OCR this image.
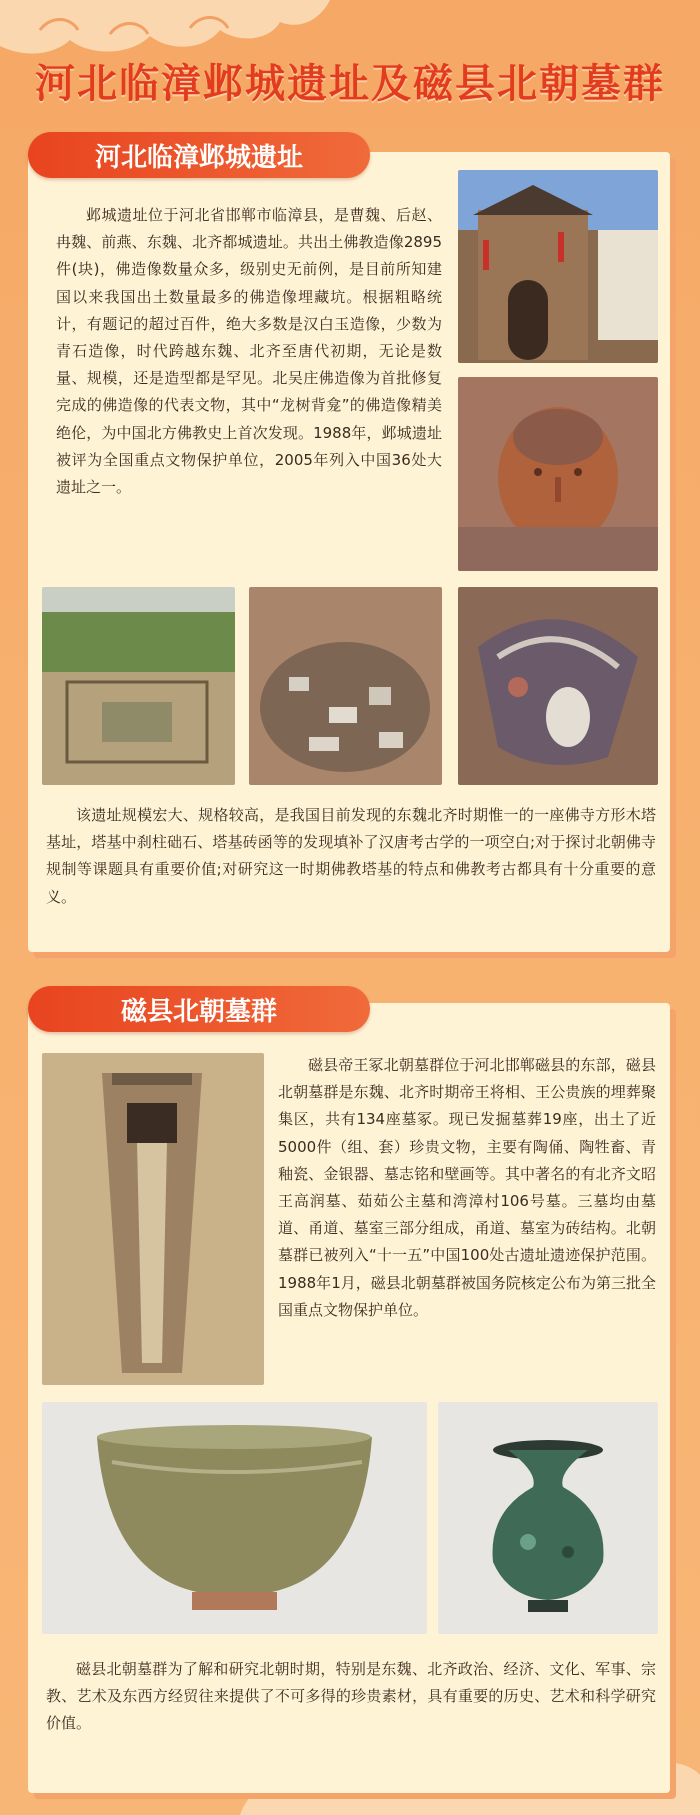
河北临漳邺城遗址及磁县北朝墓群
河北临漳邺城遗址
邺城遗址位于河北省邯郸市临漳县，是曹魏、后赵、冉魏、前燕、东魏、北齐都城遗址。共出土佛教造像2895件(块)，佛造像数量众多，级别史无前例，是目前所知建国以来我国出土数量最多的佛造像埋藏坑。根据粗略统计，有题记的超过百件，绝大多数是汉白玉造像，少数为青石造像，时代跨越东魏、北齐至唐代初期，无论是数量、规模，还是造型都是罕见。北吴庄佛造像为首批修复完成的佛造像的代表文物，其中“龙树背龛”的佛造像精美绝伦，为中国北方佛教史上首次发现。1988年，邺城遗址被评为全国重点文物保护单位，2005年列入中国36处大遗址之一。
该遗址规模宏大、规格较高，是我国目前发现的东魏北齐时期惟一的一座佛寺方形木塔基址，塔基中刹柱础石、塔基砖函等的发现填补了汉唐考古学的一项空白;对于探讨北朝佛寺规制等课题具有重要价值;对研究这一时期佛教塔基的特点和佛教考古都具有十分重要的意义。
磁县北朝墓群
磁县帝王冢北朝墓群位于河北邯郸磁县的东部，磁县北朝墓群是东魏、北齐时期帝王将相、王公贵族的埋葬聚集区，共有134座墓冢。现已发掘墓葬19座，出土了近5000件（组、套）珍贵文物，主要有陶俑、陶牲畜、青釉瓷、金银器、墓志铭和壁画等。其中著名的有北齐文昭王高润墓、茹茹公主墓和湾漳村106号墓。三墓均由墓道、甬道、墓室三部分组成，甬道、墓室为砖结构。北朝墓群已被列入“十一五”中国100处古遗址遗迹保护范围。1988年1月，磁县北朝墓群被国务院核定公布为第三批全国重点文物保护单位。
磁县北朝墓群为了解和研究北朝时期，特别是东魏、北齐政治、经济、文化、军事、宗教、艺术及东西方经贸往来提供了不可多得的珍贵素材，具有重要的历史、艺术和科学研究价值。
